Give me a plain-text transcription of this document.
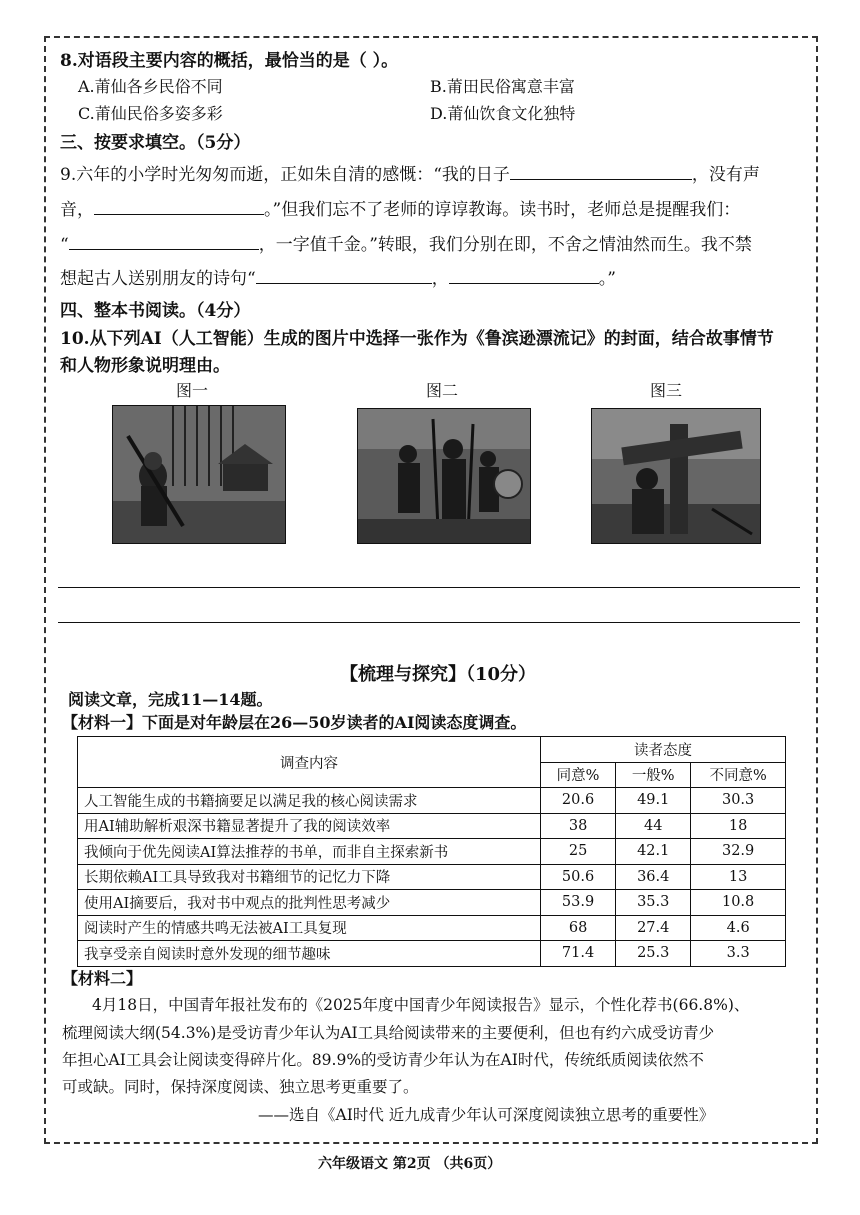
8.对语段主要内容的概括，最恰当的是（ ）。
A.莆仙各乡民俗不同	B.莆田民俗寓意丰富
C.莆仙民俗多姿多彩	D.莆仙饮食文化独特
三、按要求填空。（5分）
9.六年的小学时光匆匆而逝，正如朱自清的感慨：“我的日子	，没有声
音，	。”但我们忘不了老师的谆谆教诲。读书时，老师总是提醒我们：
“	，一字值千金。”转眼，我们分别在即，不舍之情油然而生。我不禁
想起古人送别朋友的诗句“	，	。”
四、整本书阅读。（4分）
10.从下列AI（人工智能）生成的图片中选择一张作为《鲁滨逊漂流记》的封面，结合故事情节
和人物形象说明理由。
图一	图二	图三
【梳理与探究】（10分）
阅读文章，完成11—14题。
【材料一】下面是对年龄层在26—50岁读者的AI阅读态度调查。
调查内容	读者态度		
	同意%	一般%	不同意%
人工智能生成的书籍摘要足以满足我的核心阅读需求	20.6	49.1	30.3
用AI辅助解析艰深书籍显著提升了我的阅读效率	38	44	18
我倾向于优先阅读AI算法推荐的书单，而非自主探索新书	25	42.1	32.9
长期依赖AI工具导致我对书籍细节的记忆力下降	50.6	36.4	13
使用AI摘要后，我对书中观点的批判性思考减少	53.9	35.3	10.8
阅读时产生的情感共鸣无法被AI工具复现	68	27.4	4.6
我享受亲自阅读时意外发现的细节趣味	71.4	25.3	3.3
【材料二】
4月18日，中国青年报社发布的《2025年度中国青少年阅读报告》显示，个性化荐书(66.8%)、
梳理阅读大纲(54.3%)是受访青少年认为AI工具给阅读带来的主要便利，但也有约六成受访青少
年担心AI工具会让阅读变得碎片化。89.9%的受访青少年认为在AI时代，传统纸质阅读依然不
可或缺。同时，保持深度阅读、独立思考更重要了。
——选自《AI时代 近九成青少年认可深度阅读独立思考的重要性》
六年级语文 第2页 （共6页）
